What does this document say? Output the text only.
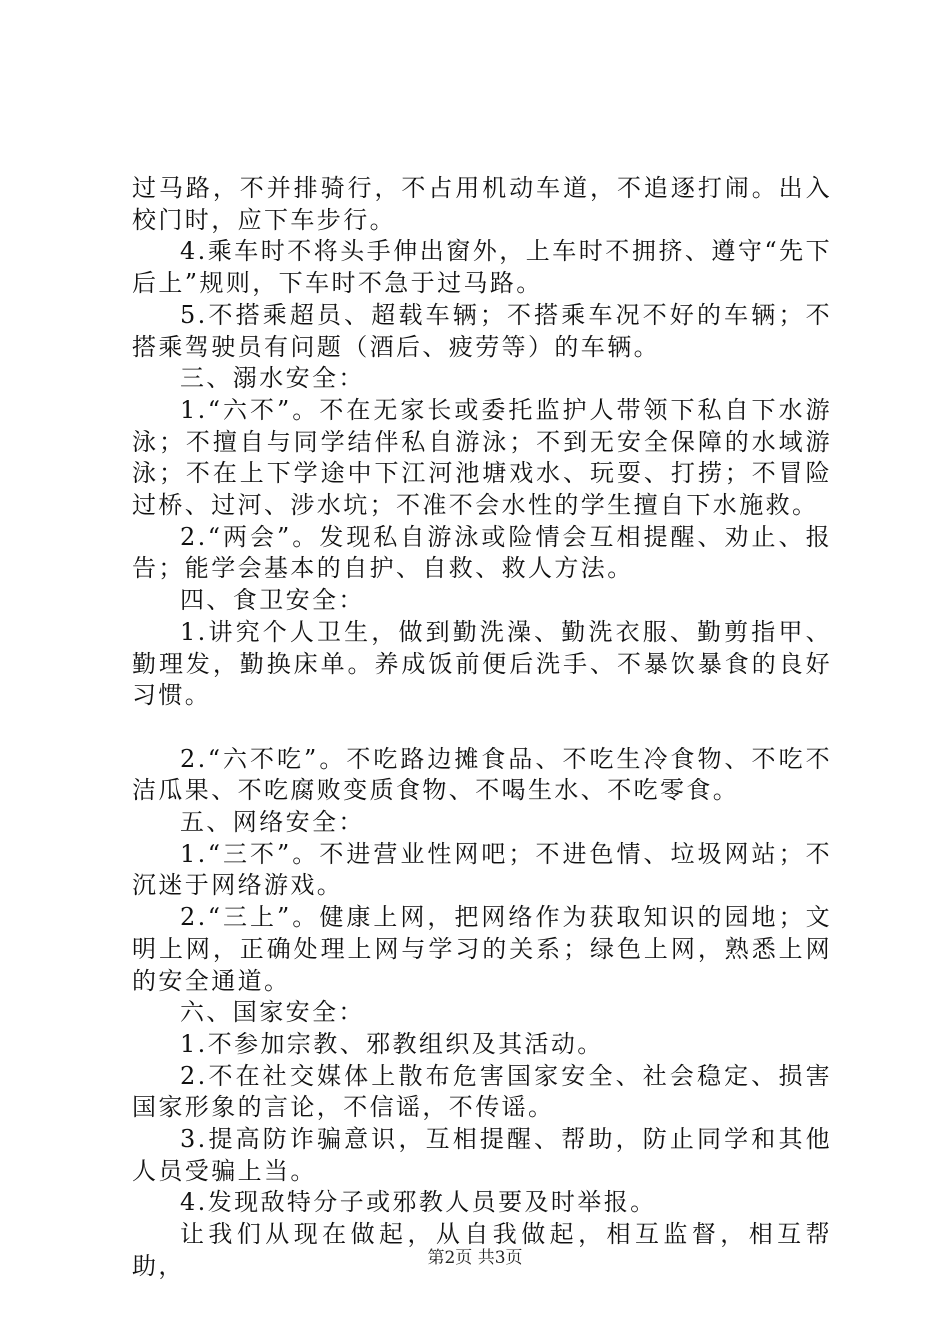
过马路，不并排骑行，不占用机动车道，不追逐打闹。出入校门时，应下车步行。

4.乘车时不将头手伸出窗外，上车时不拥挤、遵守“先下后上”规则，下车时不急于过马路。

5.不搭乘超员、超载车辆；不搭乘车况不好的车辆；不搭乘驾驶员有问题（酒后、疲劳等）的车辆。

三、溺水安全：

1.“六不”。不在无家长或委托监护人带领下私自下水游泳；不擅自与同学结伴私自游泳；不到无安全保障的水域游泳；不在上下学途中下江河池塘戏水、玩耍、打捞；不冒险过桥、过河、涉水坑；不准不会水性的学生擅自下水施救。

2.“两会”。发现私自游泳或险情会互相提醒、劝止、报告；能学会基本的自护、自救、救人方法。

四、食卫安全：

1.讲究个人卫生，做到勤洗澡、勤洗衣服、勤剪指甲、勤理发，勤换床单。养成饭前便后洗手、不暴饮暴食的良好习惯。

2.“六不吃”。不吃路边摊食品、不吃生冷食物、不吃不洁瓜果、不吃腐败变质食物、不喝生水、不吃零食。

五、网络安全：

1.“三不”。不进营业性网吧；不进色情、垃圾网站；不沉迷于网络游戏。

2.“三上”。健康上网，把网络作为获取知识的园地；文明上网，正确处理上网与学习的关系；绿色上网，熟悉上网的安全通道。

六、国家安全：

1.不参加宗教、邪教组织及其活动。

2.不在社交媒体上散布危害国家安全、社会稳定、损害国家形象的言论，不信谣，不传谣。

3.提高防诈骗意识，互相提醒、帮助，防止同学和其他人员受骗上当。

4.发现敌特分子或邪教人员要及时举报。

让我们从现在做起，从自我做起，相互监督，相互帮助，	第2页 共3页
